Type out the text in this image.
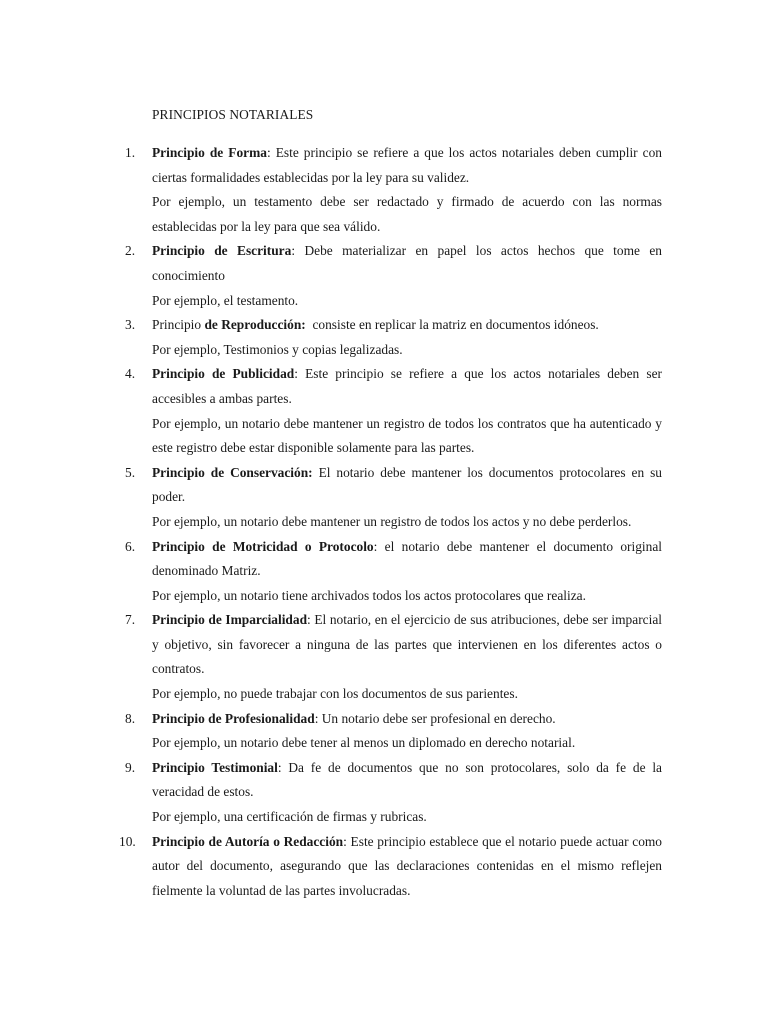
PRINCIPIOS NOTARIALES
1.	Principio de Forma: Este principio se refiere a que los actos notariales deben cumplir con ciertas formalidades establecidas por la ley para su validez.
Por ejemplo, un testamento debe ser redactado y firmado de acuerdo con las normas establecidas por la ley para que sea válido.
2.	Principio de Escritura: Debe materializar en papel los actos hechos que tome en conocimiento
Por ejemplo, el testamento.
3.	Principio de Reproducción:  consiste en replicar la matriz en documentos idóneos.
Por ejemplo, Testimonios y copias legalizadas.
4.	Principio de Publicidad: Este principio se refiere a que los actos notariales deben ser accesibles a ambas partes.
Por ejemplo, un notario debe mantener un registro de todos los contratos que ha autenticado y este registro debe estar disponible solamente para las partes.
5.	Principio de Conservación: El notario debe mantener los documentos protocolares en su poder.
Por ejemplo, un notario debe mantener un registro de todos los actos y no debe perderlos.
6.	Principio de Motricidad o Protocolo: el notario debe mantener el documento original denominado Matriz.
Por ejemplo, un notario tiene archivados todos los actos protocolares que realiza.
7.	Principio de Imparcialidad: El notario, en el ejercicio de sus atribuciones, debe ser imparcial y objetivo, sin favorecer a ninguna de las partes que intervienen en los diferentes actos o contratos.
Por ejemplo, no puede trabajar con los documentos de sus parientes.
8.	Principio de Profesionalidad: Un notario debe ser profesional en derecho.
Por ejemplo, un notario debe tener al menos un diplomado en derecho notarial.
9.	Principio Testimonial: Da fe de documentos que no son protocolares, solo da fe de la veracidad de estos.
Por ejemplo, una certificación de firmas y rubricas.
10.	Principio de Autoría o Redacción: Este principio establece que el notario puede actuar como autor del documento, asegurando que las declaraciones contenidas en el mismo reflejen fielmente la voluntad de las partes involucradas.
